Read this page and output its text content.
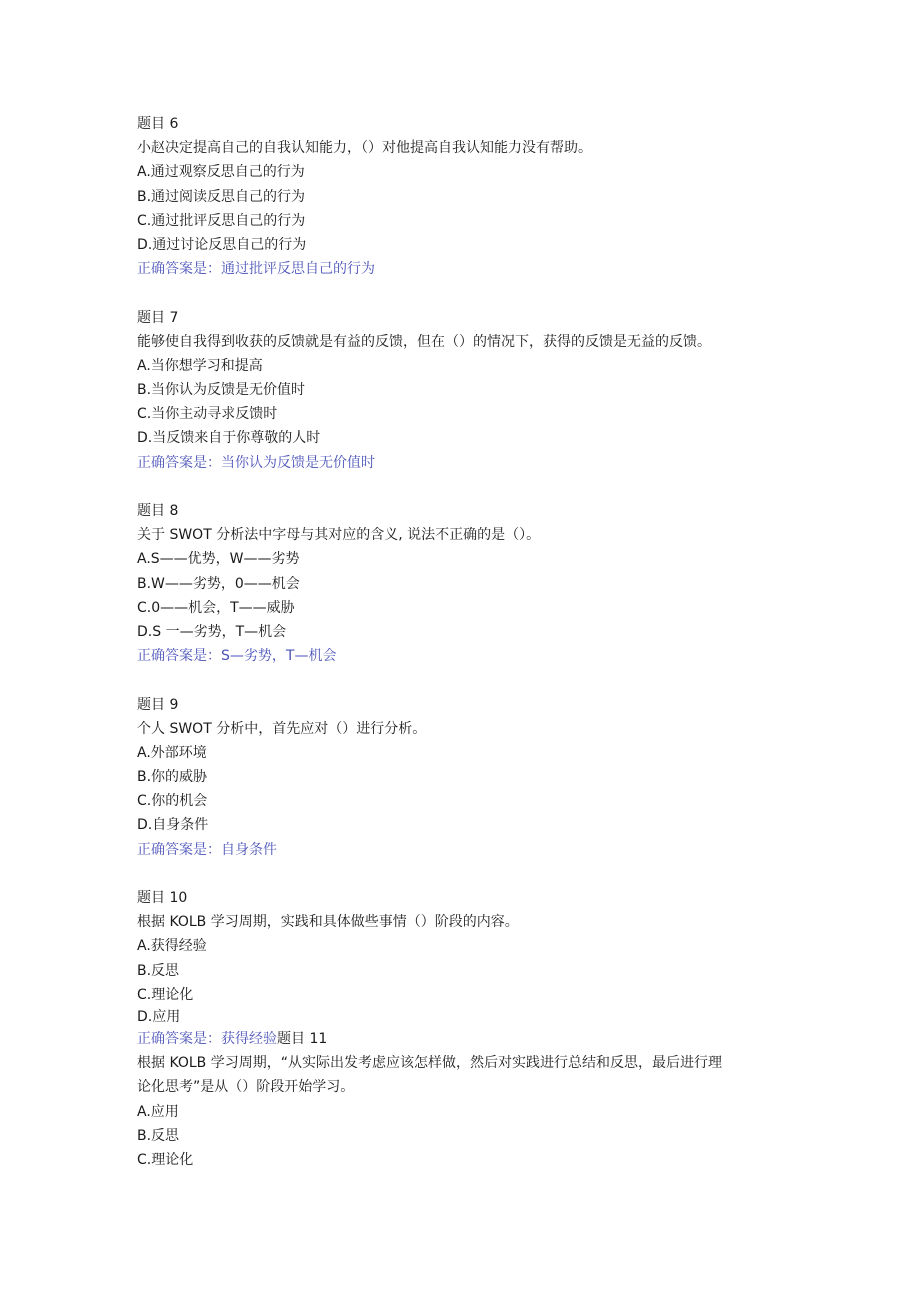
题目 6
小赵决定提高自己的自我认知能力，（）对他提高自我认知能力没有帮助。
A.通过观察反思自己的行为
B.通过阅读反思自己的行为
C.通过批评反思自己的行为
D.通过讨论反思自己的行为
正确答案是：通过批评反思自己的行为
题目 7
能够使自我得到收获的反馈就是有益的反馈，但在（）的情况下，获得的反馈是无益的反馈。
A.当你想学习和提高
B.当你认为反馈是无价值时
C.当你主动寻求反馈时
D.当反馈来自于你尊敬的人时
正确答案是：当你认为反馈是无价值时
题目 8
关于 SWOT 分析法中字母与其对应的含义, 说法不正确的是（）。
A.S——优势，W——劣势
B.W——劣势，0——机会
C.0——机会，T——威胁
D.S 一—劣势，T—机会
正确答案是：S—劣势，T—机会
题目 9
个人 SWOT 分析中，首先应对（）进行分析。
A.外部环境
B.你的威胁
C.你的机会
D.自身条件
正确答案是：自身条件
题目 10
根据 KOLB 学习周期，实践和具体做些事情（）阶段的内容。
A.获得经验
B.反思
C.理论化
D.应用
正确答案是：获得经验题目 11
根据 KOLB 学习周期，“从实际出发考虑应该怎样做，然后对实践进行总结和反思，最后进行理
论化思考”是从（）阶段开始学习。
A.应用
B.反思
C.理论化
